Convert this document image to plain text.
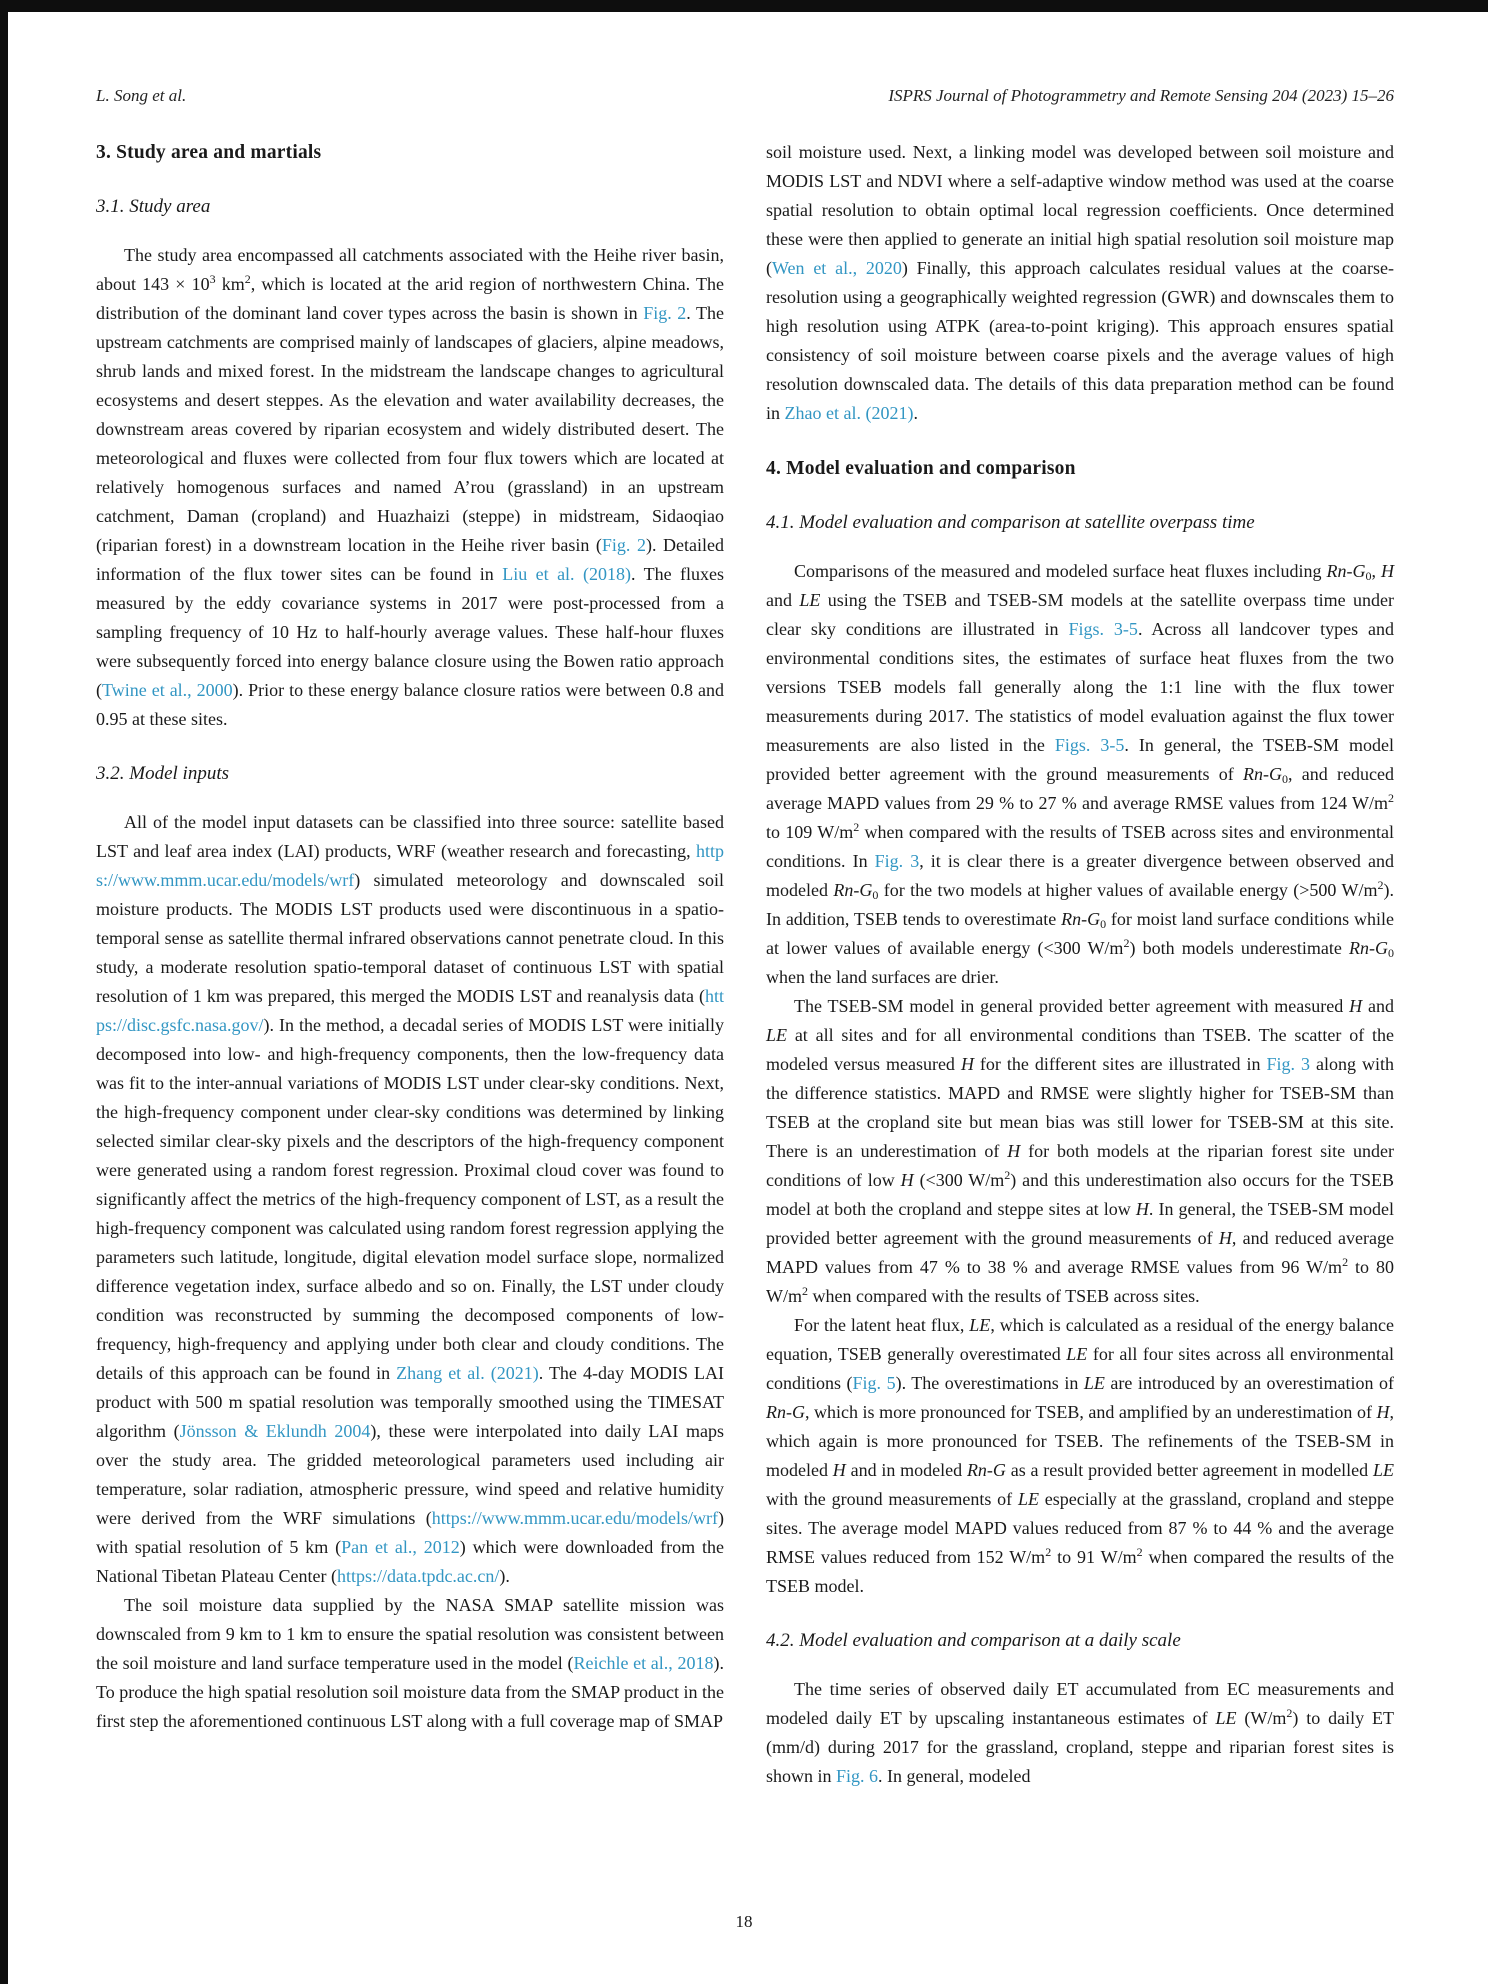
L. Song et al.	ISPRS Journal of Photogrammetry and Remote Sensing 204 (2023) 15–26
3. Study area and martials
3.1. Study area

The study area encompassed all catchments associated with the Heihe river basin, about $143 \times 10^3$ $km^2$, which is located at the arid region of northwestern China. The distribution of the dominant land cover types across the basin is shown in Fig. 2. The upstream catchments are comprised mainly of landscapes of glaciers, alpine meadows, shrub lands and mixed forest. In the midstream the landscape changes to agricultural ecosystems and desert steppes. As the elevation and water availability decreases, the downstream areas covered by riparian ecosystem and widely distributed desert. The meteorological and fluxes were collected from four flux towers which are located at relatively homogenous surfaces and named A’rou (grassland) in an upstream catchment, Daman (cropland) and Huazhaizi (steppe) in midstream, Sidaoqiao (riparian forest) in a downstream location in the Heihe river basin (Fig. 2). Detailed information of the flux tower sites can be found in Liu et al. (2018). The fluxes measured by the eddy covariance systems in 2017 were post-processed from a sampling frequency of 10 Hz to half-hourly average values. These half-hour fluxes were subsequently forced into energy balance closure using the Bowen ratio approach (Twine et al., 2000). Prior to these energy balance closure ratios were between 0.8 and 0.95 at these sites.

3.2. Model inputs

All of the model input datasets can be classified into three source: satellite based LST and leaf area index (LAI) products, WRF (weather research and forecasting, https://www.mmm.ucar.edu/models/wrf) simulated meteorology and downscaled soil moisture products. The MODIS LST products used were discontinuous in a spatio-temporal sense as satellite thermal infrared observations cannot penetrate cloud. In this study, a moderate resolution spatio-temporal dataset of continuous LST with spatial resolution of 1 km was prepared, this merged the MODIS LST and reanalysis data (https://disc.gsfc.nasa.gov/). In the method, a decadal series of MODIS LST were initially decomposed into low- and high-frequency components, then the low-frequency data was fit to the inter-annual variations of MODIS LST under clear-sky conditions. Next, the high-frequency component under clear-sky conditions was determined by linking selected similar clear-sky pixels and the descriptors of the high-frequency component were generated using a random forest regression. Proximal cloud cover was found to significantly affect the metrics of the high-frequency component of LST, as a result the high-frequency component was calculated using random forest regression applying the parameters such latitude, longitude, digital elevation model surface slope, normalized difference vegetation index, surface albedo and so on. Finally, the LST under cloudy condition was reconstructed by summing the decomposed components of low-frequency, high-frequency and applying under both clear and cloudy conditions. The details of this approach can be found in Zhang et al. (2021). The 4-day MODIS LAI product with 500 m spatial resolution was temporally smoothed using the TIMESAT algorithm (Jönsson & Eklundh 2004), these were interpolated into daily LAI maps over the study area. The gridded meteorological parameters used including air temperature, solar radiation, atmospheric pressure, wind speed and relative humidity were derived from the WRF simulations (https://www.mmm.ucar.edu/models/wrf) with spatial resolution of 5 km (Pan et al., 2012) which were downloaded from the National Tibetan Plateau Center (https://data.tpdc.ac.cn/).

The soil moisture data supplied by the NASA SMAP satellite mission was downscaled from 9 km to 1 km to ensure the spatial resolution was consistent between the soil moisture and land surface temperature used in the model (Reichle et al., 2018). To produce the high spatial resolution soil moisture data from the SMAP product in the first step the aforementioned continuous LST along with a full coverage map of SMAP

soil moisture used. Next, a linking model was developed between soil moisture and MODIS LST and NDVI where a self-adaptive window method was used at the coarse spatial resolution to obtain optimal local regression coefficients. Once determined these were then applied to generate an initial high spatial resolution soil moisture map (Wen et al., 2020) Finally, this approach calculates residual values at the coarse-resolution using a geographically weighted regression (GWR) and downscales them to high resolution using ATPK (area-to-point kriging). This approach ensures spatial consistency of soil moisture between coarse pixels and the average values of high resolution downscaled data. The details of this data preparation method can be found in Zhao et al. (2021).

4. Model evaluation and comparison
4.1. Model evaluation and comparison at satellite overpass time

Comparisons of the measured and modeled surface heat fluxes including $Rn-G_0$, H and LE using the TSEB and TSEB-SM models at the satellite overpass time under clear sky conditions are illustrated in Figs. 3-5. Across all landcover types and environmental conditions sites, the estimates of surface heat fluxes from the two versions TSEB models fall generally along the 1:1 line with the flux tower measurements during 2017. The statistics of model evaluation against the flux tower measurements are also listed in the Figs. 3-5. In general, the TSEB-SM model provided better agreement with the ground measurements of $Rn-G_0$, and reduced average MAPD values from 29 % to 27 % and average RMSE values from 124 $W/m^2$ to 109 $W/m^2$ when compared with the results of TSEB across sites and environmental conditions. In Fig. 3, it is clear there is a greater divergence between observed and modeled $Rn-G_0$ for the two models at higher values of available energy (>500 $W/m^2$). In addition, TSEB tends to overestimate $Rn-G_0$ for moist land surface conditions while at lower values of available energy (<300 $W/m^2$) both models underestimate $Rn-G_0$ when the land surfaces are drier.

The TSEB-SM model in general provided better agreement with measured H and LE at all sites and for all environmental conditions than TSEB. The scatter of the modeled versus measured H for the different sites are illustrated in Fig. 3 along with the difference statistics. MAPD and RMSE were slightly higher for TSEB-SM than TSEB at the cropland site but mean bias was still lower for TSEB-SM at this site. There is an underestimation of H for both models at the riparian forest site under conditions of low H (<300 $W/m^2$) and this underestimation also occurs for the TSEB model at both the cropland and steppe sites at low H. In general, the TSEB-SM model provided better agreement with the ground measurements of H, and reduced average MAPD values from 47 % to 38 % and average RMSE values from 96 $W/m^2$ to 80 $W/m^2$ when compared with the results of TSEB across sites.

For the latent heat flux, LE, which is calculated as a residual of the energy balance equation, TSEB generally overestimated LE for all four sites across all environmental conditions (Fig. 5). The overestimations in LE are introduced by an overestimation of Rn-G, which is more pronounced for TSEB, and amplified by an underestimation of H, which again is more pronounced for TSEB. The refinements of the TSEB-SM in modeled H and in modeled Rn-G as a result provided better agreement in modelled LE with the ground measurements of LE especially at the grassland, cropland and steppe sites. The average model MAPD values reduced from 87 % to 44 % and the average RMSE values reduced from 152 $W/m^2$ to 91 $W/m^2$ when compared the results of the TSEB model.

4.2. Model evaluation and comparison at a daily scale

The time series of observed daily ET accumulated from EC measurements and modeled daily ET by upscaling instantaneous estimates of LE $(W/m^2)$ to daily ET (mm/d) during 2017 for the grassland, cropland, steppe and riparian forest sites is shown in Fig. 6. In general, modeled

18
